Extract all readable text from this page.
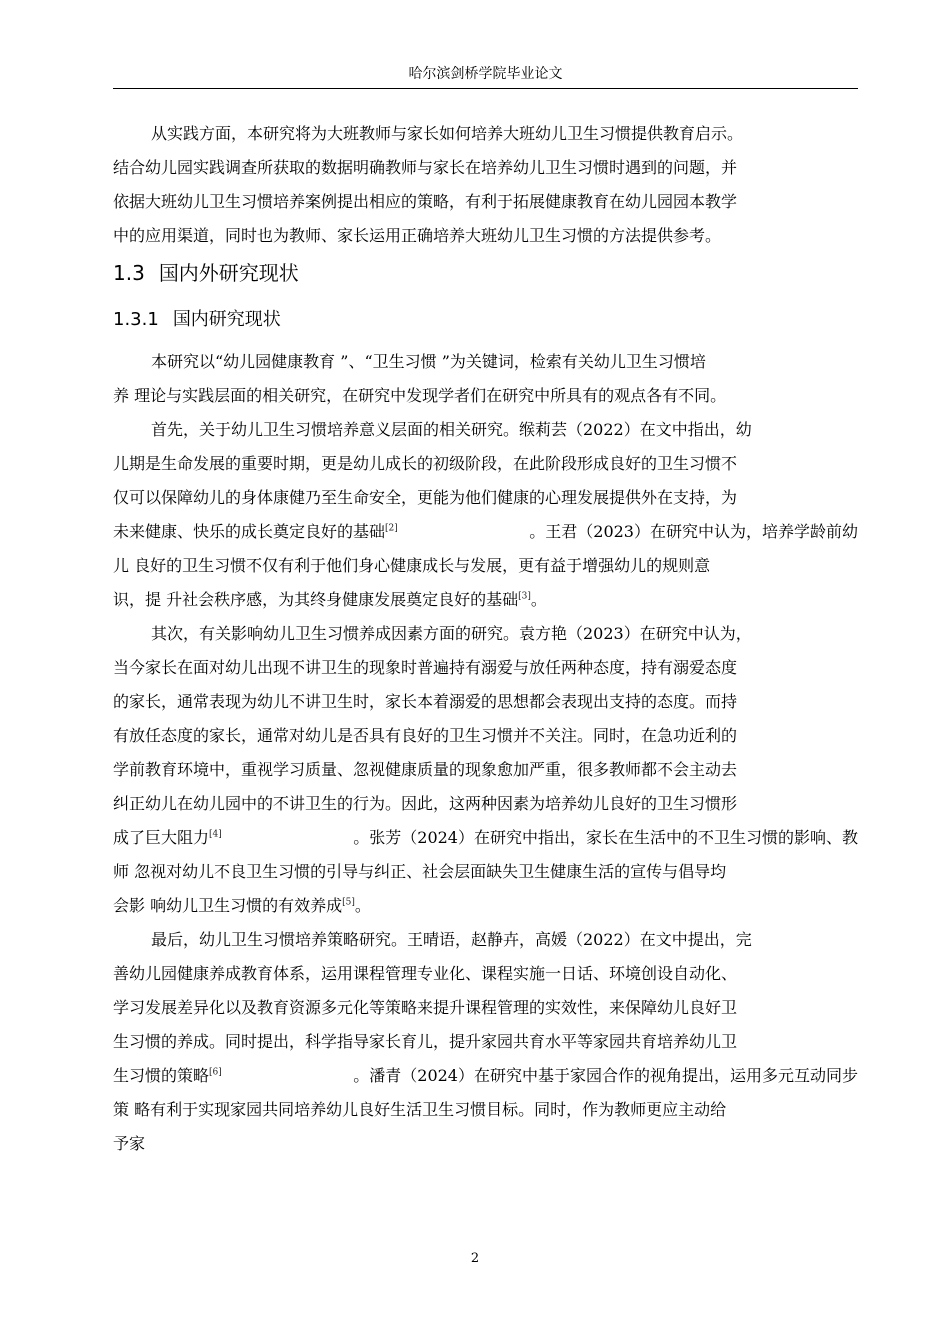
哈尔滨剑桥学院毕业论文
从实践方面，本研究将为大班教师与家长如何培养大班幼儿卫生习惯提供教育启示。
结合幼儿园实践调查所获取的数据明确教师与家长在培养幼儿卫生习惯时遇到的问题，并
依据大班幼儿卫生习惯培养案例提出相应的策略，有利于拓展健康教育在幼儿园园本教学
中的应用渠道，同时也为教师、家长运用正确培养大班幼儿卫生习惯的方法提供参考。
1.3 国内外研究现状
1.3.1 国内研究现状
本研究以“幼儿园健康教育 ”、“卫生习惯 ”为关键词，检索有关幼儿卫生习惯培
养 理论与实践层面的相关研究，在研究中发现学者们在研究中所具有的观点各有不同。
首先，关于幼儿卫生习惯培养意义层面的相关研究。缑莉芸（2022）在文中指出，幼
儿期是生命发展的重要时期，更是幼儿成长的初级阶段，在此阶段形成良好的卫生习惯不
仅可以保障幼儿的身体康健乃至生命安全，更能为他们健康的心理发展提供外在支持，为
未来健康、快乐的成长奠定良好的基础[2]	。王君（2023）在研究中认为，培养学龄前幼
儿 良好的卫生习惯不仅有利于他们身心健康成长与发展，更有益于增强幼儿的规则意
识，提 升社会秩序感，为其终身健康发展奠定良好的基础[3]。
其次，有关影响幼儿卫生习惯养成因素方面的研究。袁方艳（2023）在研究中认为，
当今家长在面对幼儿出现不讲卫生的现象时普遍持有溺爱与放任两种态度，持有溺爱态度
的家长，通常表现为幼儿不讲卫生时，家长本着溺爱的思想都会表现出支持的态度。而持
有放任态度的家长，通常对幼儿是否具有良好的卫生习惯并不关注。同时，在急功近利的
学前教育环境中，重视学习质量、忽视健康质量的现象愈加严重，很多教师都不会主动去
纠正幼儿在幼儿园中的不讲卫生的行为。因此，这两种因素为培养幼儿良好的卫生习惯形
成了巨大阻力[4]	。张芳（2024）在研究中指出，家长在生活中的不卫生习惯的影响、教
师 忽视对幼儿不良卫生习惯的引导与纠正、社会层面缺失卫生健康生活的宣传与倡导均
会影 响幼儿卫生习惯的有效养成[5]。
最后，幼儿卫生习惯培养策略研究。王晴语，赵静卉，高媛（2022）在文中提出，完
善幼儿园健康养成教育体系，运用课程管理专业化、课程实施一日话、环境创设自动化、
学习发展差异化以及教育资源多元化等策略来提升课程管理的实效性，来保障幼儿良好卫
生习惯的养成。同时提出，科学指导家长育儿，提升家园共育水平等家园共育培养幼儿卫
生习惯的策略[6]	。潘青（2024）在研究中基于家园合作的视角提出，运用多元互动同步
策 略有利于实现家园共同培养幼儿良好生活卫生习惯目标。同时，作为教师更应主动给
予家
2
